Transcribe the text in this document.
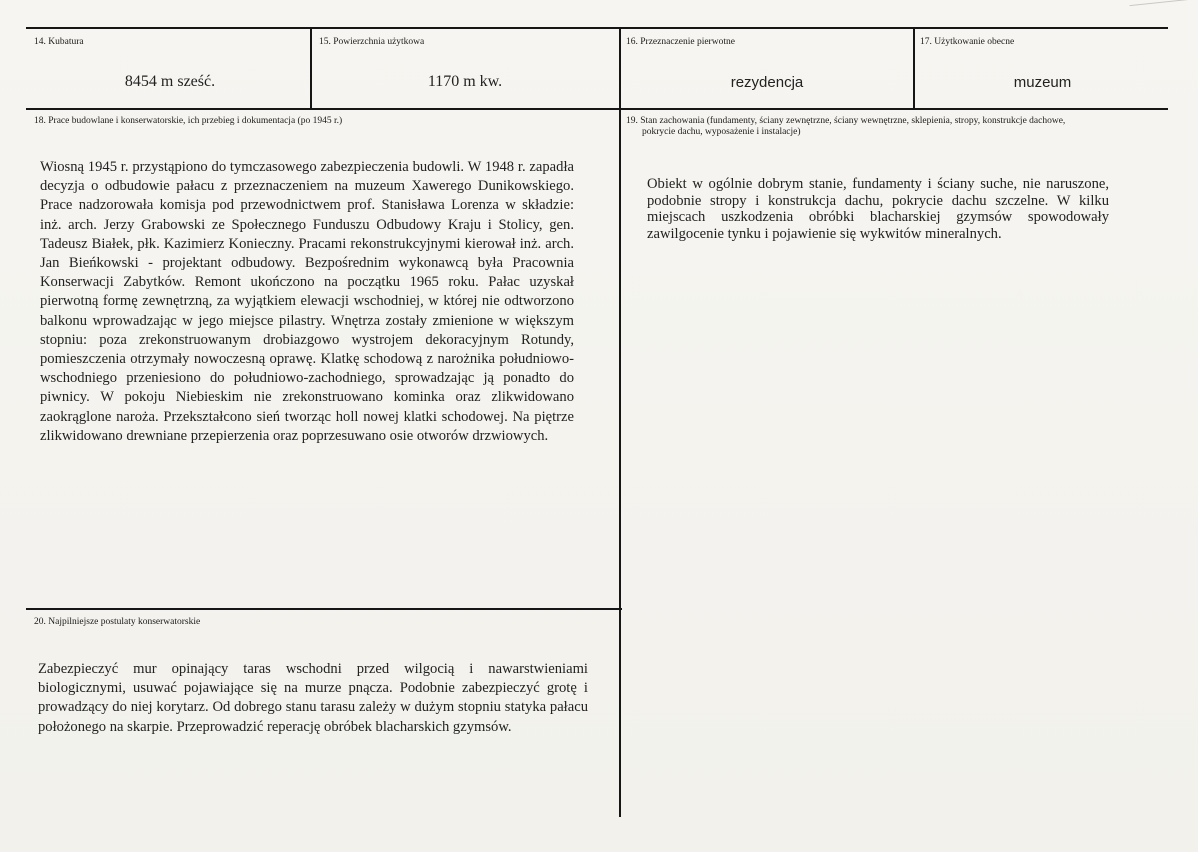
14. Kubatura
8454 m sześć.
15. Powierzchnia użytkowa
1170 m kw.
16. Przeznaczenie pierwotne
rezydencja
17. Użytkowanie obecne
muzeum
18. Prace budowlane i konserwatorskie, ich przebieg i dokumentacja (po 1945 r.)
Wiosną 1945 r. przystąpiono do tymczasowego zabezpieczenia budowli. W 1948 r. zapadła decyzja o odbudowie pałacu z przeznaczeniem na muzeum Xawerego Dunikowskiego. Prace nadzorowała komisja pod przewodnictwem prof. Stanisława Lorenza w składzie: inż. arch. Jerzy Grabowski ze Społecznego Funduszu Odbudowy Kraju i Stolicy, gen. Tadeusz Białek, płk. Kazimierz Konieczny. Pracami rekonstrukcyjnymi kierował inż. arch. Jan Bieńkowski - projektant odbudowy. Bezpośrednim wykonawcą była Pracownia Konserwacji Zabytków. Remont ukończono na początku 1965 roku. Pałac uzyskał pierwotną formę zewnętrzną, za wyjątkiem elewacji wschodniej, w której nie odtworzono balkonu wprowadzając w jego miejsce pilastry. Wnętrza zostały zmienione w większym stopniu: poza zrekonstruowanym drobiazgowo wystrojem dekoracyjnym Rotundy, pomieszczenia otrzymały nowoczesną oprawę. Klatkę schodową z narożnika południowo-wschodniego przeniesiono do południowo-zachodniego, sprowadzając ją ponadto do piwnicy. W pokoju Niebieskim nie zrekonstruowano kominka oraz zlikwidowano zaokrąglone naroża. Przekształcono sień tworząc holl nowej klatki schodowej. Na piętrze zlikwidowano drewniane przepierzenia oraz poprzesuwano osie otworów drzwiowych.
19. Stan zachowania (fundamenty, ściany zewnętrzne, ściany wewnętrzne, sklepienia, stropy, konstrukcje dachowe,
pokrycie dachu, wyposażenie i instalacje)
Obiekt w ogólnie dobrym stanie, fundamenty i ściany suche, nie naruszone, podobnie stropy i konstrukcja dachu, pokrycie dachu szczelne. W kilku miejscach uszkodzenia obróbki blacharskiej gzymsów spowodowały zawilgocenie tynku i pojawienie się wykwitów mineralnych.
20. Najpilniejsze postulaty konserwatorskie
Zabezpieczyć mur opinający taras wschodni przed wilgocią i nawarstwieniami biologicznymi, usuwać pojawiające się na murze pnącza. Podobnie zabezpieczyć grotę i prowadzący do niej korytarz. Od dobrego stanu tarasu zależy w dużym stopniu statyka pałacu położonego na skarpie. Przeprowadzić reperację obróbek blacharskich gzymsów.
